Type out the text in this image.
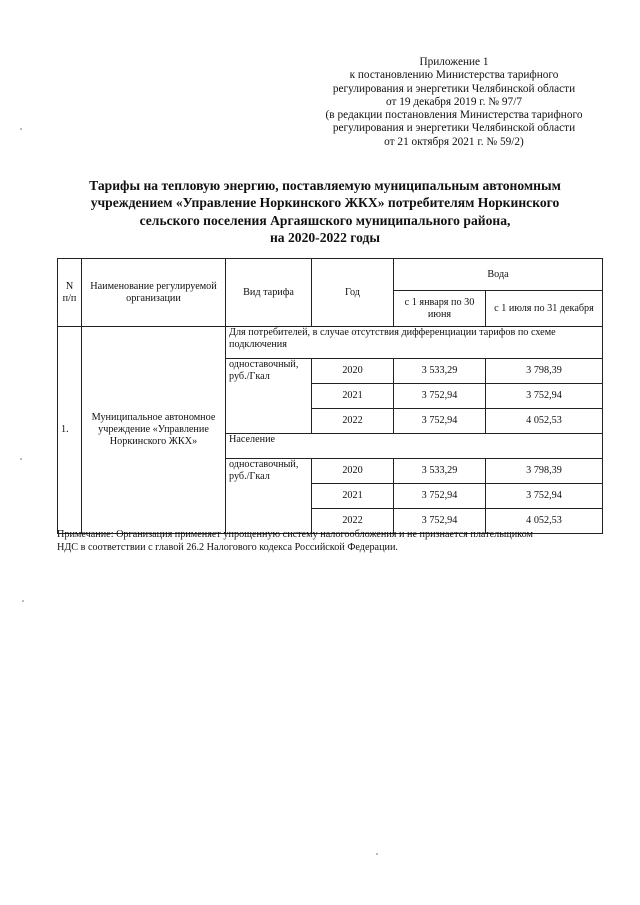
Приложение 1
к постановлению Министерства тарифного
регулирования и энергетики Челябинской области
от 19 декабря 2019 г. № 97/7
(в редакции постановления Министерства тарифного
регулирования и энергетики Челябинской области
от 21 октября 2021 г. № 59/2)
Тарифы на тепловую энергию, поставляемую муниципальным автономным
учреждением «Управление Норкинского ЖКХ» потребителям Норкинского
сельского поселения Аргаяшского муниципального района,
на 2020-2022 годы
N п/п	Наименование регулируемой организации	Вид тарифа	Год	Вода	
				с 1 января по 30 июня	с 1 июля по 31 декабря
1.	Муниципальное автономное учреждение «Управление Норкинского ЖКХ»	Для потребителей, в случае отсутствия дифференциации тарифов по схеме подключения			
		одноставочный, руб./Гкал	2020	3 533,29	3 798,39
			2021	3 752,94	3 752,94
			2022	3 752,94	4 052,53
		Население			
		одноставочный, руб./Гкал	2020	3 533,29	3 798,39
			2021	3 752,94	3 752,94
			2022	3 752,94	4 052,53
Примечание: Организация применяет упрощенную систему налогообложения и не признается плательщиком
НДС в соответствии с главой 26.2 Налогового кодекса Российской Федерации.
